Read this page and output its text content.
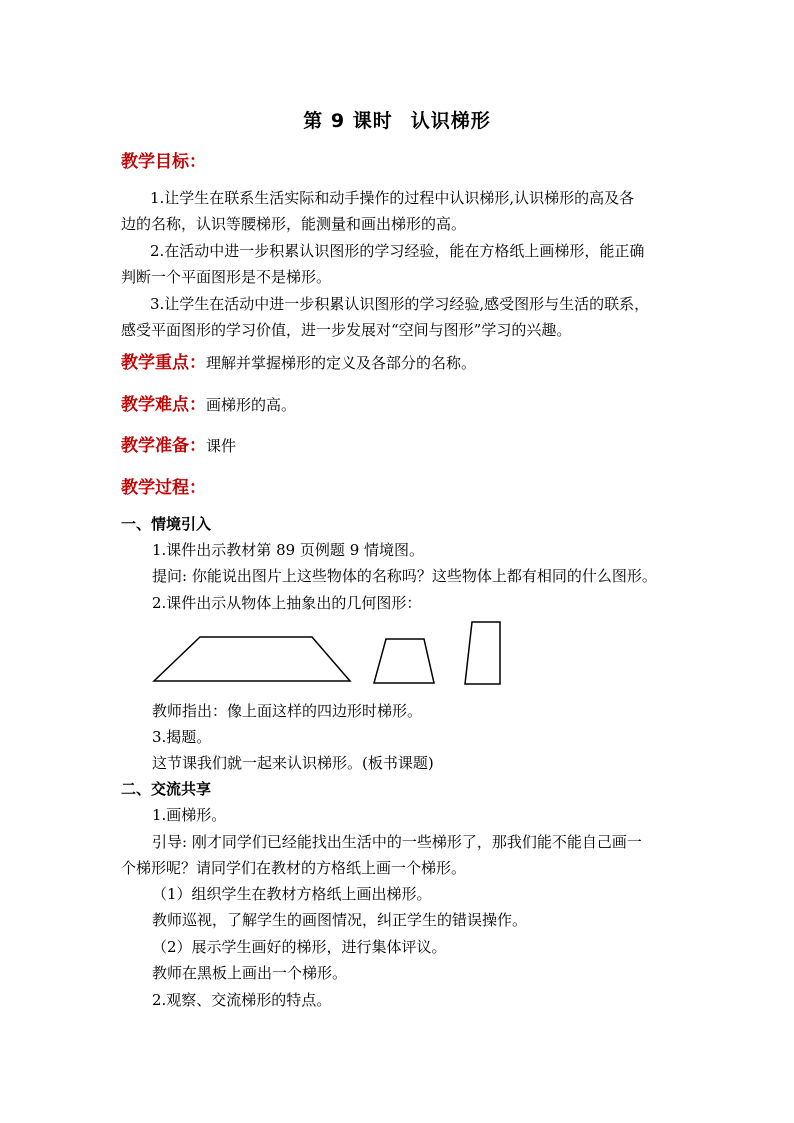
第 9 课时 认识梯形
教学目标：
1.让学生在联系生活实际和动手操作的过程中认识梯形,认识梯形的高及各
边的名称，认识等腰梯形，能测量和画出梯形的高。
2.在活动中进一步积累认识图形的学习经验，能在方格纸上画梯形，能正确
判断一个平面图形是不是梯形。
3.让学生在活动中进一步积累认识图形的学习经验,感受图形与生活的联系，
感受平面图形的学习价值，进一步发展对“空间与图形”学习的兴趣。
教学重点：理解并掌握梯形的定义及各部分的名称。
教学难点：画梯形的高。
教学准备：课件
教学过程：
一、情境引入
1.课件出示教材第 89 页例题 9 情境图。
提问: 你能说出图片上这些物体的名称吗？这些物体上都有相同的什么图形。
2.课件出示从物体上抽象出的几何图形：
教师指出：像上面这样的四边形时梯形。
3.揭题。
这节课我们就一起来认识梯形。(板书课题)
二、交流共享
1.画梯形。
引导: 刚才同学们已经能找出生活中的一些梯形了，那我们能不能自己画一
个梯形呢？请同学们在教材的方格纸上画一个梯形。
（1）组织学生在教材方格纸上画出梯形。
教师巡视，了解学生的画图情况，纠正学生的错误操作。
（2）展示学生画好的梯形，进行集体评议。
教师在黑板上画出一个梯形。
2.观察、交流梯形的特点。
